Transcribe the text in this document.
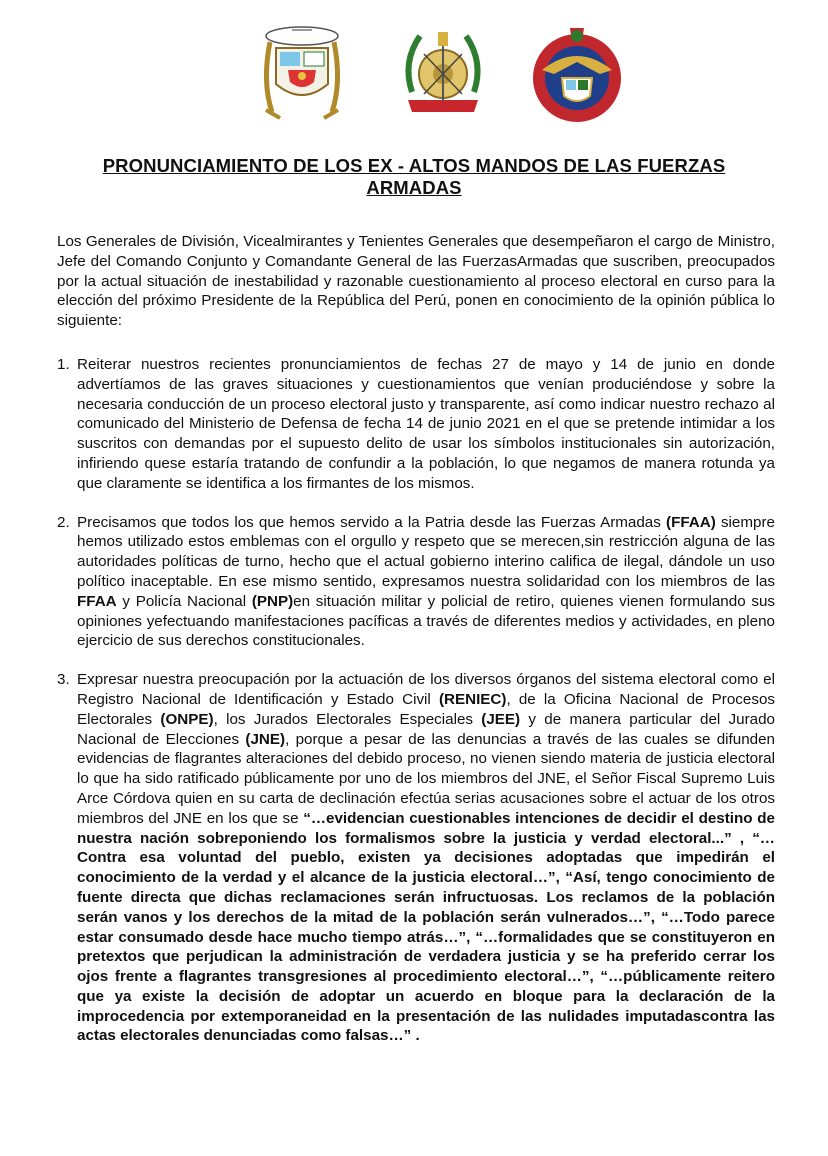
PRONUNCIAMIENTO DE LOS EX - ALTOS MANDOS DE LAS FUERZAS ARMADAS

Los Generales de División, Vicealmirantes y Tenientes Generales que desempeñaron el cargo de Ministro, Jefe del Comando Conjunto y Comandante General de las FuerzasArmadas que suscriben, preocupados por la actual situación de inestabilidad y razonable cuestionamiento al proceso electoral en curso para la elección del próximo Presidente de la República del Perú, ponen en conocimiento de la opinión pública lo siguiente:

1. Reiterar nuestros recientes pronunciamientos de fechas 27 de mayo y 14 de junio en donde advertíamos de las graves situaciones y cuestionamientos que venían produciéndose y sobre la necesaria conducción de un proceso electoral justo y transparente, así como indicar nuestro rechazo al comunicado del Ministerio de Defensa de fecha 14 de junio 2021 en el que se pretende intimidar a los suscritos con demandas por el supuesto delito de usar los símbolos institucionales sin autorización, infiriendo quese estaría tratando de confundir a la población, lo que negamos de manera rotunda ya que claramente se identifica a los firmantes de los mismos.
2. Precisamos que todos los que hemos servido a la Patria desde las Fuerzas Armadas (FFAA) siempre hemos utilizado estos emblemas con el orgullo y respeto que se merecen,sin restricción alguna de las autoridades políticas de turno, hecho que el actual gobierno interino califica de ilegal, dándole un uso político inaceptable. En ese mismo sentido, expresamos nuestra solidaridad con los miembros de las FFAA y Policía Nacional (PNP)en situación militar y policial de retiro, quienes vienen formulando sus opiniones yefectuando manifestaciones pacíficas a través de diferentes medios y actividades, en pleno ejercicio de sus derechos constitucionales.
3. Expresar nuestra preocupación por la actuación de los diversos órganos del sistema electoral como el Registro Nacional de Identificación y Estado Civil (RENIEC), de la Oficina Nacional de Procesos Electorales (ONPE), los Jurados Electorales Especiales (JEE) y de manera particular del Jurado Nacional de Elecciones (JNE), porque a pesar de las denuncias a través de las cuales se difunden evidencias de flagrantes alteraciones del debido proceso, no vienen siendo materia de justicia electoral lo que ha sido ratificado públicamente por uno de los miembros del JNE, el Señor Fiscal Supremo Luis Arce Córdova quien en su carta de declinación efectúa serias acusaciones sobre el actuar de los otros miembros del JNE en los que se “…evidencian cuestionables intenciones de decidir el destino de nuestra nación sobreponiendo los formalismos sobre la justicia y verdad electoral...” , “…Contra esa voluntad del pueblo, existen ya decisiones adoptadas que impedirán el conocimiento de la verdad y el alcance de la justicia electoral…”, “Así, tengo conocimiento de fuente directa que dichas reclamaciones serán infructuosas. Los reclamos de la población serán vanos y los derechos de la mitad de la población serán vulnerados…”, “…Todo parece estar consumado desde hace mucho tiempo atrás…”, “…formalidades que se constituyeron en pretextos que perjudican la administración de verdadera justicia y se ha preferido cerrar los ojos frente a flagrantes transgresiones al procedimiento electoral…”, “…públicamente reitero que ya existe la decisión de adoptar un acuerdo en bloque para la declaración de la improcedencia por extemporaneidad en la presentación de las nulidades imputadascontra las actas electorales denunciadas como falsas…” .
